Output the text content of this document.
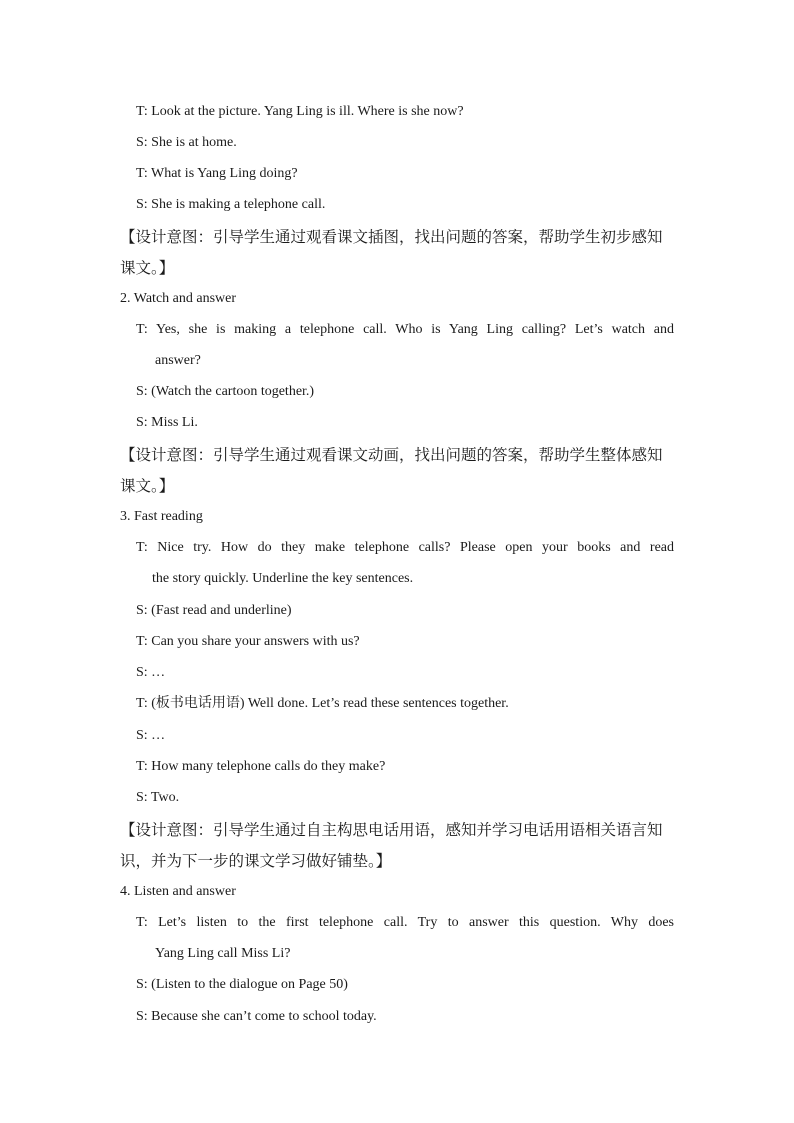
T: Look at the picture. Yang Ling is ill. Where is she now?
S: She is at home.
T: What is Yang Ling doing?
S: She is making a telephone call.
【设计意图：引导学生通过观看课文插图，找出问题的答案，帮助学生初步感知课文。】
2. Watch and answer
T: Yes, she is making a telephone call. Who is Yang Ling calling? Let’s watch and
answer?
S: (Watch the cartoon together.)
S: Miss Li.
【设计意图：引导学生通过观看课文动画，找出问题的答案，帮助学生整体感知课文。】
3. Fast reading
T: Nice try. How do they make telephone calls? Please open your books and read
the story quickly. Underline the key sentences.
S: (Fast read and underline)
T: Can you share your answers with us?
S: …
T: (板书电话用语) Well done. Let’s read these sentences together.
S: …
T: How many telephone calls do they make?
S: Two.
【设计意图：引导学生通过自主构思电话用语，感知并学习电话用语相关语言知识，并为下一步的课文学习做好铺垫。】
4. Listen and answer
T: Let’s listen to the first telephone call. Try to answer this question. Why does
Yang Ling call Miss Li?
S: (Listen to the dialogue on Page 50)
S: Because she can’t come to school today.
